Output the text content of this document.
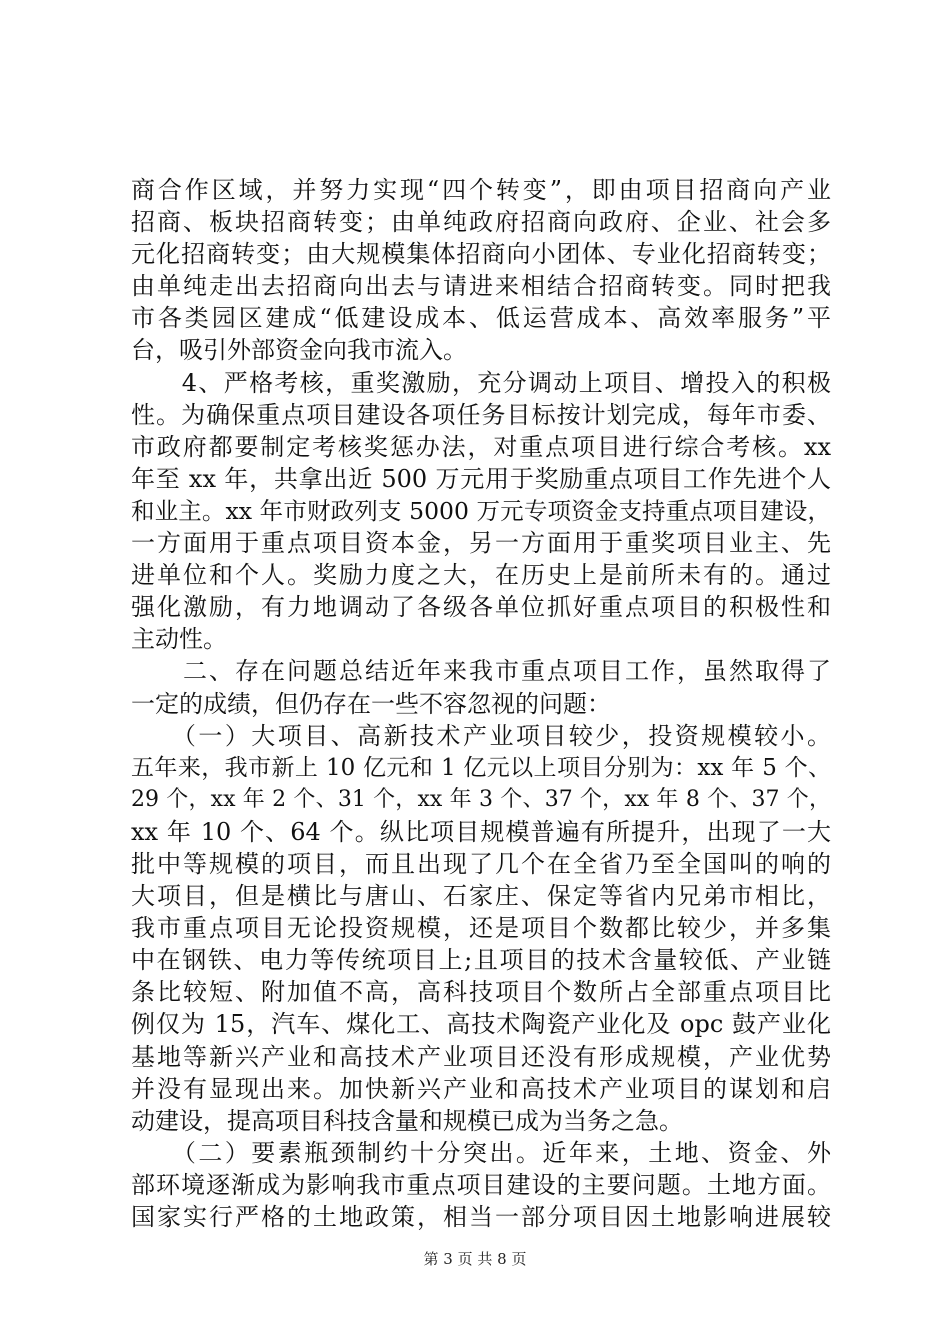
商合作区域，并努力实现“四个转变”，即由项目招商向产业
招商、板块招商转变；由单纯政府招商向政府、企业、社会多
元化招商转变；由大规模集体招商向小团体、专业化招商转变；
由单纯走出去招商向出去与请进来相结合招商转变。同时把我
市各类园区建成“低建设成本、低运营成本、高效率服务”平
台，吸引外部资金向我市流入。
　　4、严格考核，重奖激励，充分调动上项目、增投入的积极
性。为确保重点项目建设各项任务目标按计划完成，每年市委、
市政府都要制定考核奖惩办法，对重点项目进行综合考核。xx
年至 xx 年，共拿出近 500 万元用于奖励重点项目工作先进个人
和业主。xx 年市财政列支 5000 万元专项资金支持重点项目建设，
一方面用于重点项目资本金，另一方面用于重奖项目业主、先
进单位和个人。奖励力度之大，在历史上是前所未有的。通过
强化激励，有力地调动了各级各单位抓好重点项目的积极性和
主动性。
　　二、存在问题总结近年来我市重点项目工作，虽然取得了
一定的成绩，但仍存在一些不容忽视的问题：
　　（一）大项目、高新技术产业项目较少，投资规模较小。
五年来，我市新上 10 亿元和 1 亿元以上项目分别为：xx 年 5 个、
29 个，xx 年 2 个、31 个，xx 年 3 个、37 个，xx 年 8 个、37 个，
xx 年 10 个、64 个。纵比项目规模普遍有所提升，出现了一大
批中等规模的项目，而且出现了几个在全省乃至全国叫的响的
大项目，但是横比与唐山、石家庄、保定等省内兄弟市相比，
我市重点项目无论投资规模，还是项目个数都比较少，并多集
中在钢铁、电力等传统项目上;且项目的技术含量较低、产业链
条比较短、附加值不高，高科技项目个数所占全部重点项目比
例仅为 15，汽车、煤化工、高技术陶瓷产业化及 opc 鼓产业化
基地等新兴产业和高技术产业项目还没有形成规模，产业优势
并没有显现出来。加快新兴产业和高技术产业项目的谋划和启
动建设，提高项目科技含量和规模已成为当务之急。
　　（二）要素瓶颈制约十分突出。近年来，土地、资金、外
部环境逐渐成为影响我市重点项目建设的主要问题。土地方面。
国家实行严格的土地政策，相当一部分项目因土地影响进展较
第 3 页 共 8 页
